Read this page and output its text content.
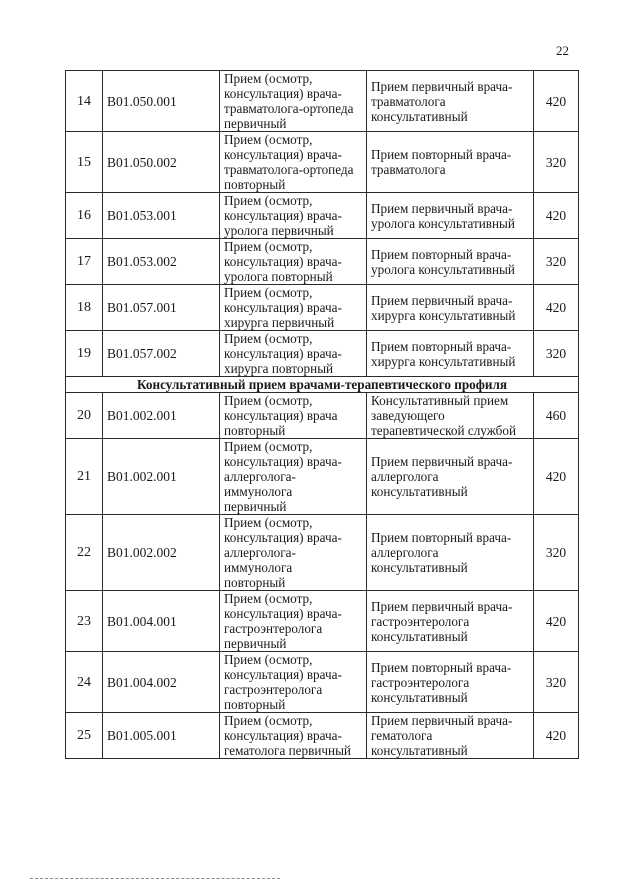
22
14	B01.050.001	Прием (осмотр,
консультация) врача-
травматолога-ортопеда
первичный	Прием первичный врача-
травматолога
консультативный	420
15	B01.050.002	Прием (осмотр,
консультация) врача-
травматолога-ортопеда
повторный	Прием повторный врача-
травматолога	320
16	B01.053.001	Прием (осмотр,
консультация) врача-
уролога первичный	Прием первичный врача-
уролога консультативный	420
17	B01.053.002	Прием (осмотр,
консультация) врача-
уролога повторный	Прием повторный врача-
уролога консультативный	320
18	B01.057.001	Прием (осмотр,
консультация) врача-
хирурга первичный	Прием первичный врача-
хирурга консультативный	420
19	B01.057.002	Прием (осмотр,
консультация) врача-
хирурга повторный	Прием повторный врача-
хирурга консультативный	320
Консультативный прием врачами-терапевтического профиля				
20	B01.002.001	Прием (осмотр,
консультация) врача
повторный	Консультативный прием
заведующего
терапевтической службой	460
21	B01.002.001	Прием (осмотр,
консультация) врача-
аллерголога-
иммунолога
первичный	Прием первичный врача-
аллерголога
консультативный	420
22	B01.002.002	Прием (осмотр,
консультация) врача-
аллерголога-
иммунолога
повторный	Прием повторный врача-
аллерголога
консультативный	320
23	B01.004.001	Прием (осмотр,
консультация) врача-
гастроэнтеролога
первичный	Прием первичный врача-
гастроэнтеролога
консультативный	420
24	B01.004.002	Прием (осмотр,
консультация) врача-
гастроэнтеролога
повторный	Прием повторный врача-
гастроэнтеролога
консультативный	320
25	B01.005.001	Прием (осмотр,
консультация) врача-
гематолога первичный	Прием первичный врача-
гематолога
консультативный	420
